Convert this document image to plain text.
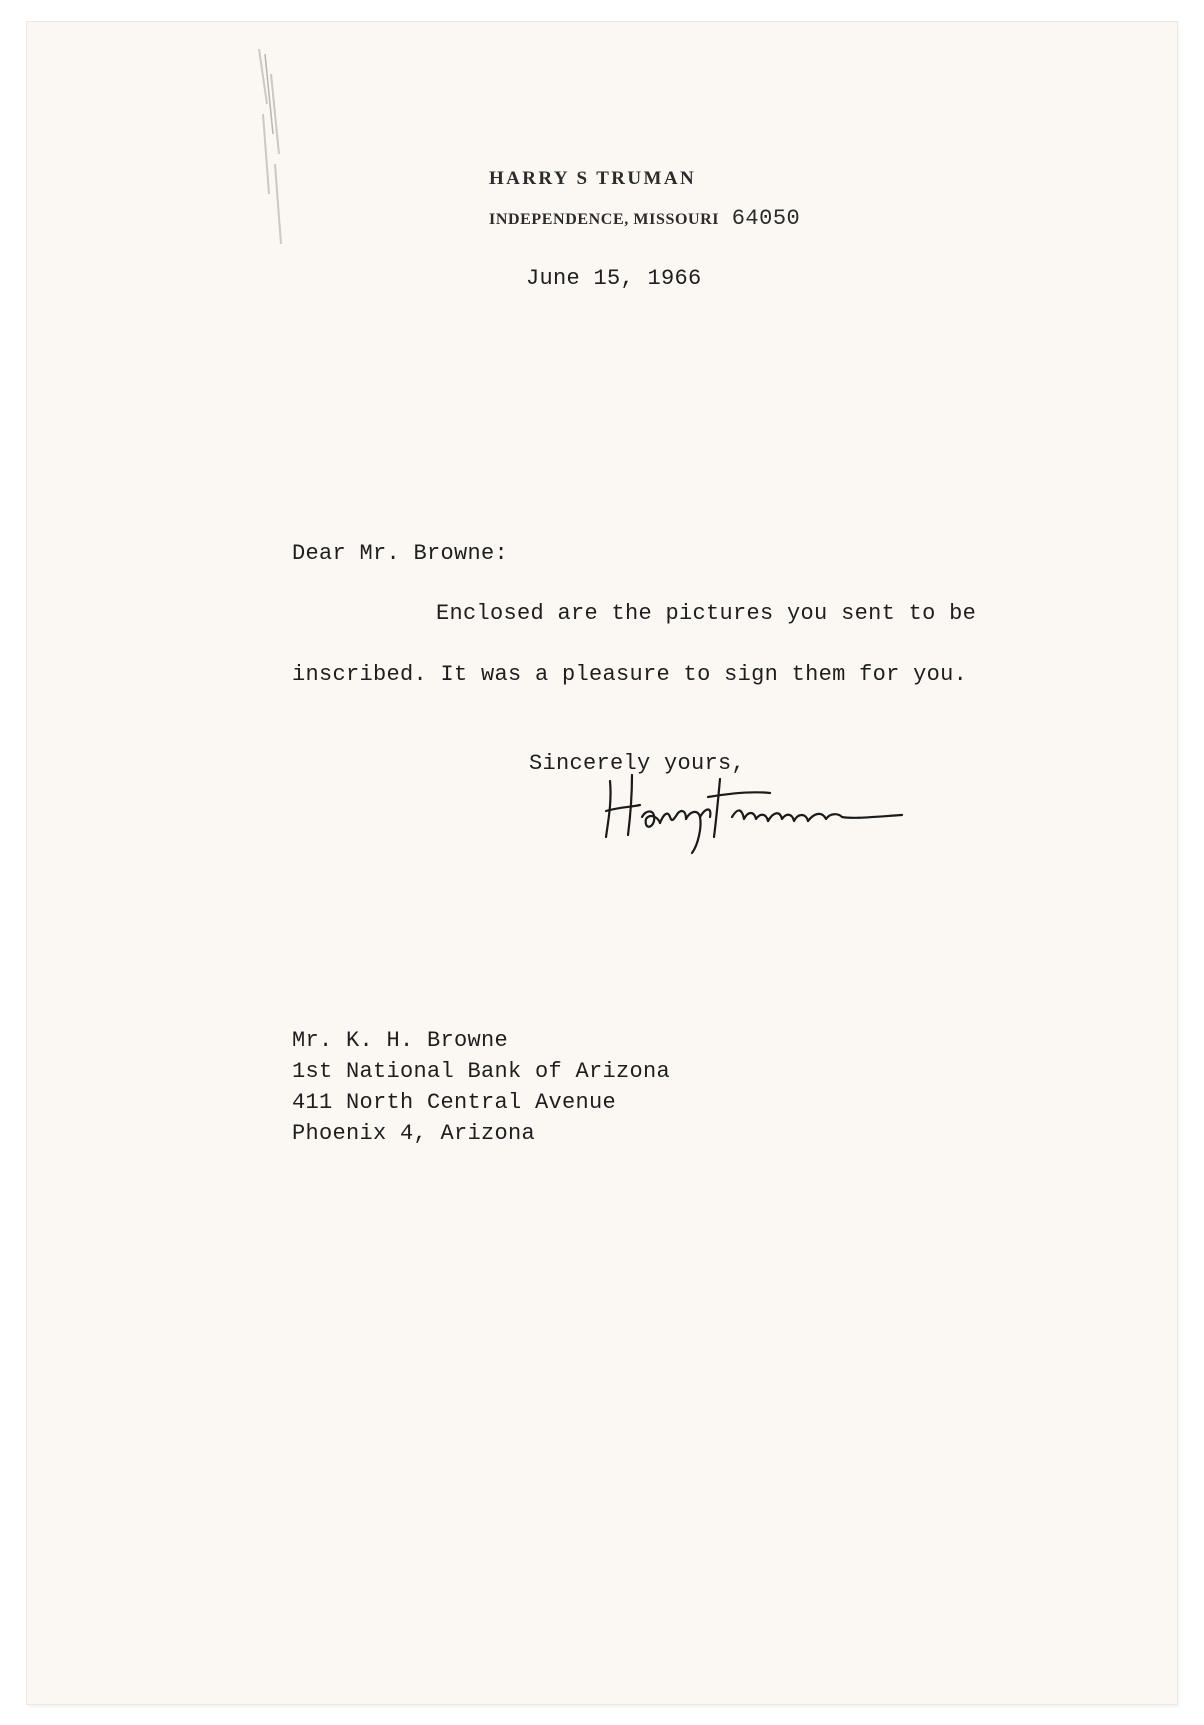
HARRY S TRUMAN
INDEPENDENCE, MISSOURI 64050
June 15, 1966
Dear Mr. Browne:
Enclosed are the pictures you sent to be
inscribed. It was a pleasure to sign them for you.
Sincerely yours,
Mr. K. H. Browne
1st National Bank of Arizona
411 North Central Avenue
Phoenix 4, Arizona
